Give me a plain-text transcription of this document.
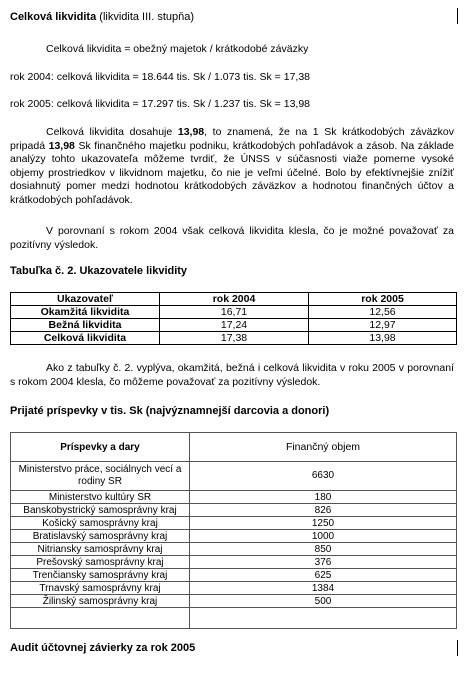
Celková likvidita (likvidita III. stupňa)
Celková likvidita = obežný majetok / krátkodobé záväzky
rok 2004: celková likvidita = 18.644 tis. Sk / 1.073 tis. Sk = 17,38
rok 2005: celková likvidita = 17.297 tis. Sk / 1.237 tis. Sk = 13,98
Celková likvidita dosahuje 13,98, to znamená, že na 1 Sk krátkodobých záväzkov pripadá 13,98 Sk finančného majetku podniku, krátkodobých pohľadávok a zásob. Na základe analýzy tohto ukazovateľa môžeme tvrdiť, že ÚNSS v súčasnosti viaže pomerne vysoké objemy prostriedkov v likvidnom majetku, čo nie je veľmi účelné. Bolo by efektívnejšie znížiť dosiahnutý pomer medzi hodnotou krátkodobých záväzkov a hodnotou finančných účtov a krátkodobých pohľadávok.
V porovnaní s rokom 2004 však celková likvidita klesla, čo je možné považovať za pozitívny výsledok.
Tabuľka č. 2. Ukazovatele likvidity
Ukazovateľ	rok 2004	rok 2005
Okamžitá likvidita	16,71	12,56
Bežná likvidita	17,24	12,97
Celková likvidita	17,38	13,98
Ako z tabuľky č. 2. vyplýva, okamžitá, bežná i celková likvidita v roku 2005 v porovnaní s rokom 2004 klesla, čo môžeme považovať za pozitívny výsledok.
Prijaté príspevky v tis. Sk (najvýznamnejší darcovia a donori)
Príspevky a dary	Finančný objem
Ministerstvo práce, sociálnych vecí a rodiny SR	6630
Ministerstvo kultúry SR	180
Banskobystrický samosprávny kraj	826
Košický samosprávny kraj	1250
Bratislavský samosprávny kraj	1000
Nitriansky samosprávny kraj	850
Prešovský samosprávny kraj	376
Trenčiansky samosprávny kraj	625
Trnavský samosprávny kraj	1384
Žilinský samosprávny kraj	500

Audit účtovnej závierky za rok 2005
